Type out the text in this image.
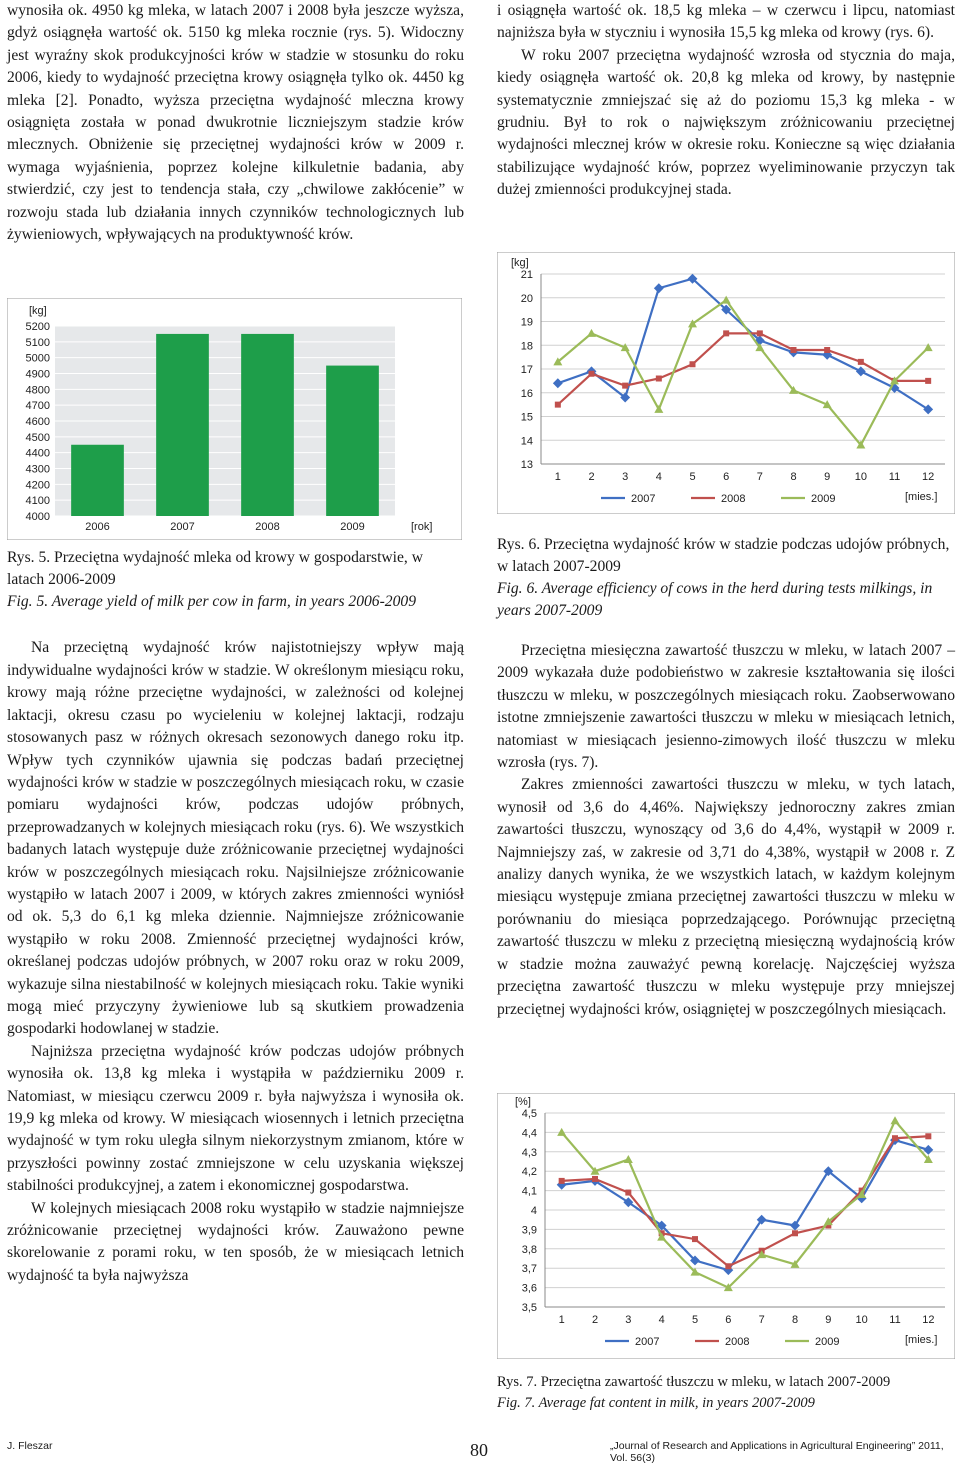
wynosiła ok. 4950 kg mleka, w latach 2007 i 2008 była jeszcze wyższa, gdyż osiągnęła wartość ok. 5150 kg mleka rocznie (rys. 5). Widoczny jest wyraźny skok produkcyjności krów w stadzie w stosunku do roku 2006, kiedy to wydajność przeciętna krowy osiągnęła tylko ok. 4450 kg mleka [2]. Ponadto, wyższa przeciętna wydajność mleczna krowy osiągnięta została w ponad dwukrotnie liczniejszym stadzie krów mlecznych. Obniżenie się przeciętnej wydajności krów w 2009 r. wymaga wyjaśnienia, poprzez kolejne kilkuletnie badania, aby stwierdzić, czy jest to tendencja stała, czy „chwilowe zakłócenie” w rozwoju stada lub działania innych czynników technologicznych lub żywieniowych, wpływających na produktywność krów.

Rys. 5. Przeciętna wydajność mleka od krowy w gospodarstwie, w latach 2006-2009

Fig. 5. Average yield of milk per cow in farm, in years 2006-2009

Na przeciętną wydajność krów najistotniejszy wpływ mają indywidualne wydajności krów w stadzie. W określonym miesiącu roku, krowy mają różne przeciętne wydajności, w zależności od kolejnej laktacji, okresu czasu po wycieleniu w kolejnej laktacji, rodzaju stosowanych pasz w różnych okresach sezonowych danego roku itp. Wpływ tych czynników ujawnia się podczas badań przeciętnej wydajności krów w stadzie w poszczególnych miesiącach roku, w czasie pomiaru wydajności krów, podczas udojów próbnych, przeprowadzanych w kolejnych miesiącach roku (rys. 6). We wszystkich badanych latach występuje duże zróżnicowanie przeciętnej wydajności krów w poszczególnych miesiącach roku. Najsilniejsze zróżnicowanie wystąpiło w latach 2007 i 2009, w których zakres zmienności wyniósł od ok. 5,3 do 6,1 kg mleka dziennie. Najmniejsze zróżnicowanie wystąpiło w roku 2008. Zmienność przeciętnej wydajności krów, określanej podczas udojów próbnych, w 2007 roku oraz w roku 2009, wykazuje silna niestabilność w kolejnych miesiącach roku. Takie wyniki mogą mieć przyczyny żywieniowe lub są skutkiem prowadzenia gospodarki hodowlanej w stadzie.

Najniższa przeciętna wydajność krów podczas udojów próbnych wynosiła ok. 13,8 kg mleka i wystąpiła w październiku 2009 r. Natomiast, w miesiącu czerwcu 2009 r. była najwyższa i wynosiła ok. 19,9 kg mleka od krowy. W miesiącach wiosennych i letnich przeciętna wydajność w tym roku uległa silnym niekorzystnym zmianom, które w przyszłości powinny zostać zmniejszone w celu uzyskania większej stabilności produkcyjnej, a zatem i ekonomicznej gospodarstwa.

W kolejnych miesiącach 2008 roku wystąpiło w stadzie najmniejsze zróżnicowanie przeciętnej wydajności krów. Zauważono pewne skorelowanie z porami roku, w ten sposób, że w miesiącach letnich wydajność ta była najwyższa

i osiągnęła wartość ok. 18,5 kg mleka – w czerwcu i lipcu, natomiast najniższa była w styczniu i wynosiła 15,5 kg mleka od krowy (rys. 6).

W roku 2007 przeciętna wydajność wzrosła od stycznia do maja, kiedy osiągnęła wartość ok. 20,8 kg mleka od krowy, by następnie systematycznie zmniejszać się aż do poziomu 15,3 kg mleka - w grudniu. Był to rok o największym zróżnicowaniu przeciętnej wydajności mlecznej krów w okresie roku. Konieczne są więc działania stabilizujące wydajność krów, poprzez wyeliminowanie przyczyn tak dużej zmienności produkcyjnej stada.

Rys. 6. Przeciętna wydajność krów w stadzie podczas udojów próbnych, w latach 2007-2009

Fig. 6. Average efficiency of cows in the herd during tests milkings, in years 2007-2009

Przeciętna miesięczna zawartość tłuszczu w mleku, w latach 2007 – 2009 wykazała duże podobieństwo w zakresie kształtowania się ilości tłuszczu w mleku, w poszczególnych miesiącach roku. Zaobserwowano istotne zmniejszenie zawartości tłuszczu w mleku w miesiącach letnich, natomiast w miesiącach jesienno-zimowych ilość tłuszczu w mleku wzrosła (rys. 7).

Zakres zmienności zawartości tłuszczu w mleku, w tych latach, wynosił od 3,6 do 4,46%. Największy jednoroczny zakres zmian zawartości tłuszczu, wynoszący od 3,6 do 4,4%, wystąpił w 2009 r. Najmniejszy zaś, w zakresie od 3,71 do 4,38%, wystąpił w 2008 r. Z analizy danych wynika, że we wszystkich latach, w każdym kolejnym miesiącu występuje zmiana przeciętnej zawartości tłuszczu w mleku w porównaniu do miesiąca poprzedzającego. Porównując przeciętną zawartość tłuszczu w mleku z przeciętną miesięczną wydajnością krów w stadzie można zauważyć pewną korelację. Najczęściej wyższa przeciętna zawartość tłuszczu w mleku występuje przy mniejszej przeciętnej wydajności krów, osiągniętej w poszczególnych miesiącach.

Rys. 7. Przeciętna zawartość tłuszczu w mleku, w latach 2007-2009

Fig. 7. Average fat content in milk, in years 2007-2009

4000
4100
4200
4300
4400
4500
4600
4700
4800
4900
5000
5100
5200
[kg]
2006	2007	2008	2009	[rok]
13
14
15
16
17
18
19
20
21
[kg]
1	2	3	4	5	6	7	8	9 10 11 12
[mies.]
2007	2008	2009
3,5
3,6
3,7
3,8
3,9
4
4,1
4,2
4,3
4,4
4,5
[%]
1 2 3 4 5 6 7 8 9 10 11 12
[mies.]
2007	2008	2009
J. Fleszar	80	„Journal of Research and Applications in Agricultural Engineering” 2011, Vol. 56(3)
